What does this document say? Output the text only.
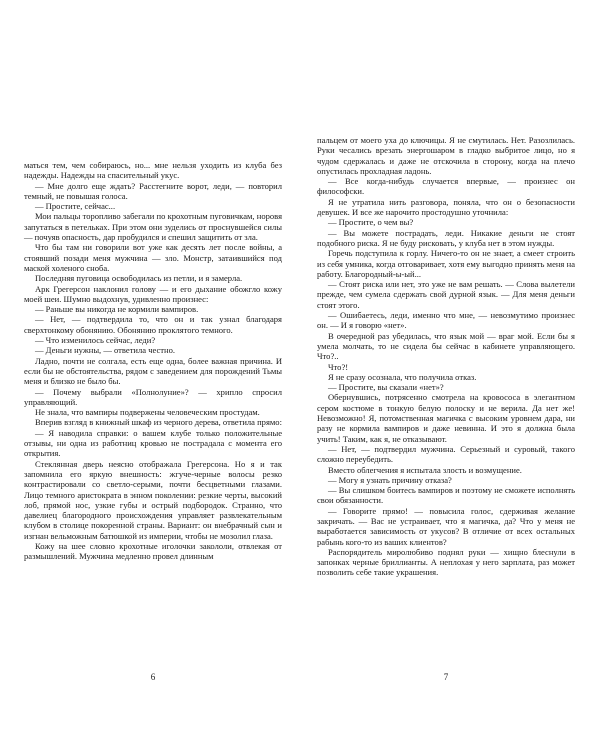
маться тем, чем собираюсь, но... мне нельзя уходить из клуба без надежды. Надежды на спасительный укус.

— Мне долго еще ждать? Расстегните ворот, леди, — повторил темный, не повышая голоса.

— Простите, сейчас...

Мои пальцы торопливо забегали по крохотным пуговичкам, норовя запутаться в петельках. При этом они зуделись от проснувшейся силы — почуяв опасность, дар пробудился и спешил защитить от зла.

Что бы там ни говорили вот уже как десять лет после войны, а стоявший позади меня мужчина — зло. Монстр, затаившийся под маской холеного сноба.

Последняя пуговица освободилась из петли, и я замерла.

Арк Грегерсон наклонил голову — и его дыхание обожгло кожу моей шеи. Шумно выдохнув, удивленно произнес:

— Раньше вы никогда не кормили вампиров.

— Нет, — подтвердила то, что он и так узнал благодаря сверхтонкому обонянию. Обонянию проклятого темного.

— Что изменилось сейчас, леди?

— Деньги нужны, — ответила честно.

Ладно, почти не солгала, есть еще одна, более важная причина. И если бы не обстоятельства, рядом с заведением для порождений Тьмы меня и близко не было бы.

— Почему выбрали «Полнолуние»? — хриплo спросил управляющий.

Не знала, что вампиры подвержены человеческим простудам.

Вперив взгляд в книжный шкаф из черного дерева, ответила прямо:

— Я наводила справки: о вашем клубе только положительные отзывы, ни одна из работниц кровью не пострадала с момента его открытия.

Стеклянная дверь неясно отображала Грегерсона. Но я и так запомнила его яркую внешность: жгуче-черные волосы резко контрастировали со светло-серыми, почти бесцветными глазами. Лицо темного аристократа в энном поколении: резкие черты, высокий лоб, прямой нос, узкие губы и острый подбородок. Странно, что давелиец благородного происхождения управляет развлекательным клубом в столице покоренной страны. Вариант: он внебрачный сын и изгнан вельможным батюшкой из империи, чтобы не мозолил глаза.

Кожу на шее словно крохотные иголочки закололи, отвлекая от размышлений. Мужчина медленно провел длинным

пальцем от моего уха до ключицы. Я не смутилась. Нет. Разозлилась. Руки чесались врезать энергошаром в гладко выбритое лицо, но я чудом сдержалась и даже не отскочила в сторону, когда на плечо опустилась прохладная ладонь.

— Все когда-нибудь случается впервые, — произнес он философски.

Я не утратила нить разговора, поняла, что он о безопасности девушек. И все же нарочито простодушно уточнила:

— Простите, о чем вы?

— Вы можете пострадать, леди. Никакие деньги не стоят подобного риска. Я не буду рисковать, у клуба нет в этом нужды.

Горечь подступила к горлу. Ничего-то он не знает, а смеет строить из себя умника, когда отговаривает, хотя ему выгодно принять меня на работу. Благородный-ы-ый...

— Стоят риска или нет, это уже не вам решать. — Слова вылетели прежде, чем сумела сдержать свой дурной язык. — Для меня деньги стоят этого.

— Ошибаетесь, леди, именно что мне, — невозмутимо произнес он. — И я говорю «нет».

В очередной раз убедилась, что язык мой — враг мой. Если бы я умела молчать, то не сидела бы сейчас в кабинете управляющего. Что?..

Что?!

Я не сразу осознала, что получила отказ.

— Простите, вы сказали «нет»?

Обернувшись, потрясенно смотрела на кровососа в элегантном сером костюме в тонкую белую полоску и не верила. Да нет же! Невозможно! Я, потомственная магичка с высоким уровнем дара, ни разу не кормила вампиров и даже невинна. И это я должна была учить! Таким, как я, не отказывают.

— Нет, — подтвердил мужчина. Серьезный и суровый, такого сложно переубедить.

Вместо облегчения я испытала злость и возмущение.

— Могу я узнать причину отказа?

— Вы слишком боитесь вампиров и поэтому не сможете исполнять свои обязанности.

— Говорите прямо! — повысила голос, сдерживая желание закричать. — Вас не устраивает, что я магичка, да? Что у меня не выработается зависимость от укусов? В отличие от всех остальных рабынь кого-то из ваших клиентов?

Распорядитель миролюбиво поднял руки — хищно блеснули в запонках черные бриллианты. А неплохая у него зарплата, раз может позволить себе такие украшения.

6	7
